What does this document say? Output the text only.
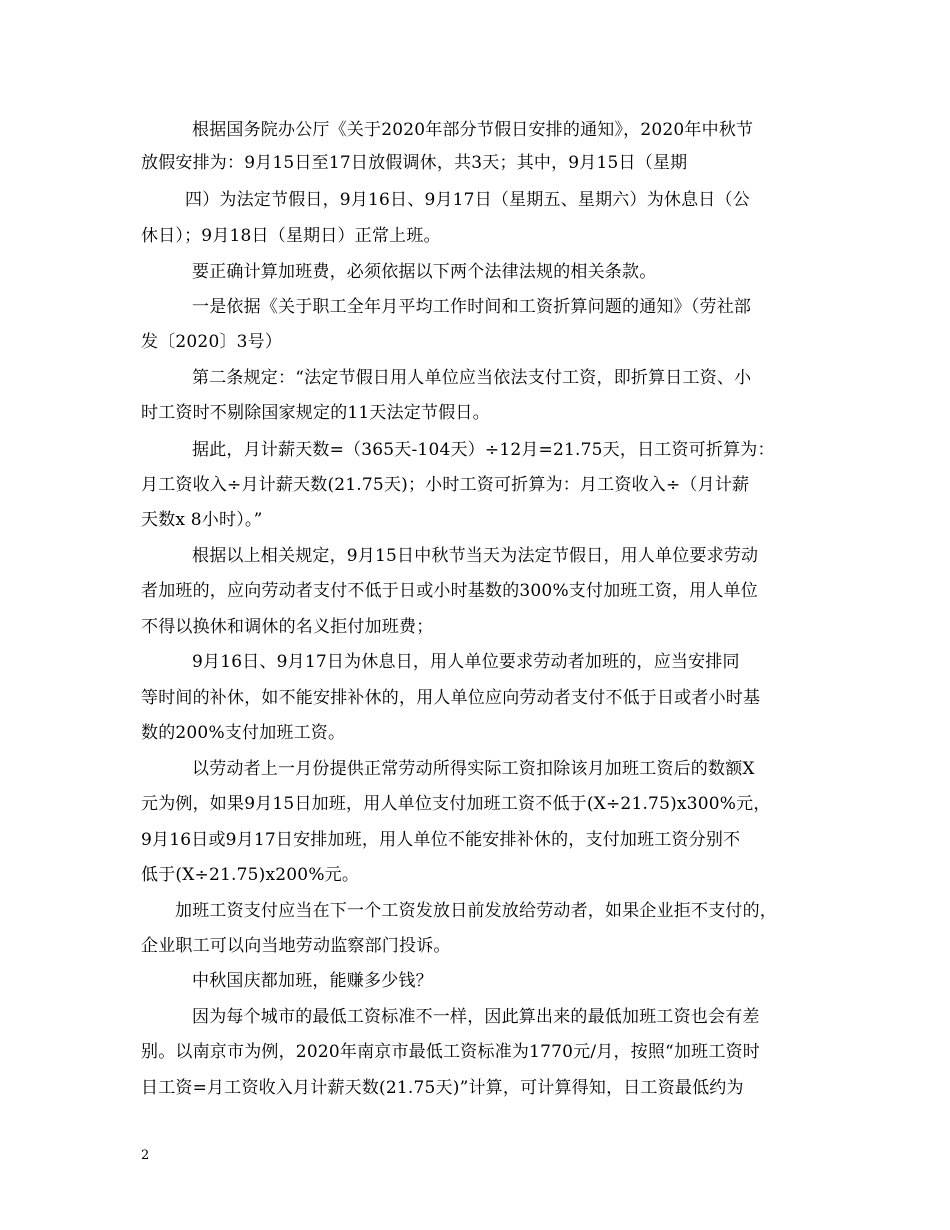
根据国务院办公厅《关于2020年部分节假日安排的通知》，2020年中秋节
放假安排为：9月15日至17日放假调休，共3天；其中，9月15日（星期
四）为法定节假日，9月16日、9月17日（星期五、星期六）为休息日（公
休日）；9月18日（星期日）正常上班。
要正确计算加班费，必须依据以下两个法律法规的相关条款。
一是依据《关于职工全年月平均工作时间和工资折算问题的通知》（劳社部
发〔2020〕3号）
第二条规定：“法定节假日用人单位应当依法支付工资，即折算日工资、小
时工资时不剔除国家规定的11天法定节假日。
据此，月计薪天数=（365天-104天）÷12月=21.75天，日工资可折算为：
月工资收入÷月计薪天数(21.75天)；小时工资可折算为：月工资收入÷（月计薪
天数x 8小时）。”
根据以上相关规定，9月15日中秋节当天为法定节假日，用人单位要求劳动
者加班的，应向劳动者支付不低于日或小时基数的300%支付加班工资，用人单位
不得以换休和调休的名义拒付加班费；
9月16日、9月17日为休息日，用人单位要求劳动者加班的，应当安排同
等时间的补休，如不能安排补休的，用人单位应向劳动者支付不低于日或者小时基
数的200%支付加班工资。
以劳动者上一月份提供正常劳动所得实际工资扣除该月加班工资后的数额X
元为例，如果9月15日加班，用人单位支付加班工资不低于(X÷21.75)x300%元，
9月16日或9月17日安排加班，用人单位不能安排补休的，支付加班工资分别不
低于(X÷21.75)x200%元。
加班工资支付应当在下一个工资发放日前发放给劳动者，如果企业拒不支付的，
企业职工可以向当地劳动监察部门投诉。
中秋国庆都加班，能赚多少钱？
因为每个城市的最低工资标准不一样，因此算出来的最低加班工资也会有差
别。以南京市为例，2020年南京市最低工资标准为1770元/月，按照“加班工资时
日工资=月工资收入月计薪天数(21.75天)”计算，可计算得知，日工资最低约为
2
